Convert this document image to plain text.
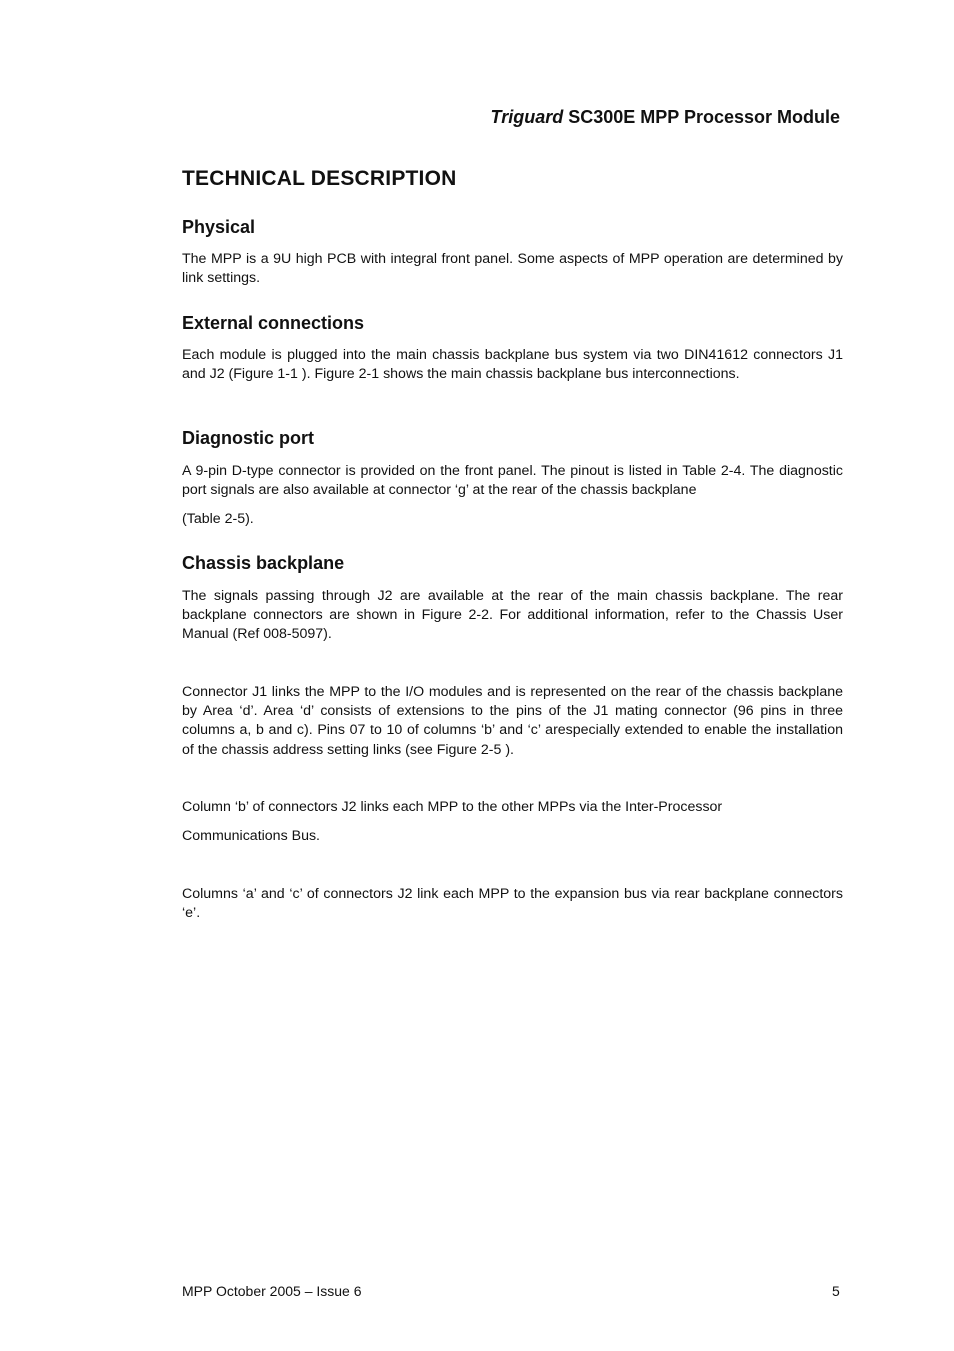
Triguard SC300E MPP Processor Module
TECHNICAL DESCRIPTION
Physical
The MPP is a 9U high PCB with integral front panel. Some aspects of MPP operation are determined by link settings.
External connections
Each module is plugged into the main chassis backplane bus system via two DIN41612 connectors J1 and J2 (Figure 1-1 ). Figure 2-1 shows the main chassis backplane bus interconnections.
Diagnostic port
A 9-pin D-type connector is provided on the front panel. The pinout is listed in Table 2-4. The diagnostic port signals are also available at connector ‘g’ at the rear of the chassis backplane
(Table 2-5).
Chassis backplane
The signals passing through J2 are available at the rear of the main chassis backplane. The rear backplane connectors are shown in Figure 2-2. For additional information, refer to the Chassis User Manual (Ref 008-5097).
Connector J1 links the MPP to the I/O modules and is represented on the rear of the chassis backplane by Area ‘d’. Area ‘d’ consists of extensions to the pins of the J1 mating connector (96 pins in three columns a, b and c). Pins 07 to 10 of columns ‘b’ and ‘c’ arespecially extended to enable the installation of the chassis address setting links (see Figure 2-5 ).
Column ‘b’ of connectors J2 links each MPP to the other MPPs via the Inter-Processor
Communications Bus.
Columns ‘a’ and ‘c’ of connectors J2 link each MPP to the expansion bus via rear backplane connectors ‘e’.
MPP October 2005 – Issue 6	5
